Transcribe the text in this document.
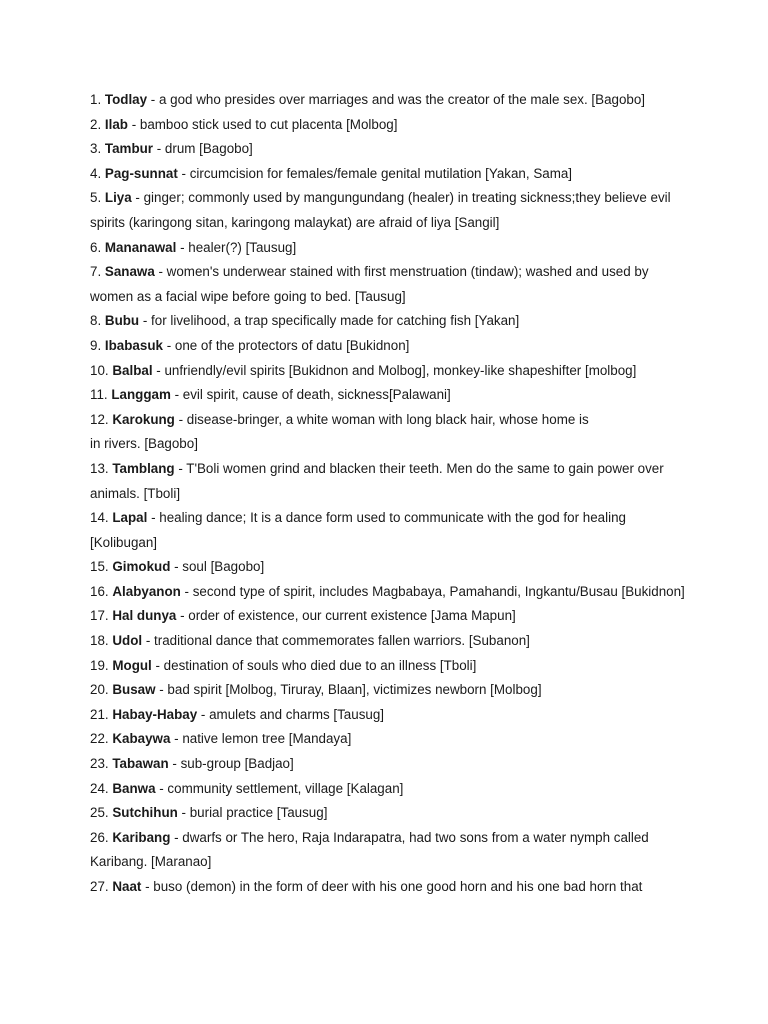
1. Todlay - a god who presides over marriages and was the creator of the male sex. [Bagobo]

2. Ilab - bamboo stick used to cut placenta [Molbog]

3. Tambur - drum [Bagobo]

4. Pag-sunnat - circumcision for females/female genital mutilation [Yakan, Sama]

5. Liya - ginger; commonly used by mangungundang (healer) in treating sickness;they believe evil spirits (karingong sitan, karingong malaykat) are afraid of liya [Sangil]

6. Mananawal - healer(?) [Tausug]

7. Sanawa - women's underwear stained with first menstruation (tindaw); washed and used by women as a facial wipe before going to bed. [Tausug]

8. Bubu - for livelihood, a trap specifically made for catching fish [Yakan]

9. Ibabasuk - one of the protectors of datu [Bukidnon]

10. Balbal - unfriendly/evil spirits [Bukidnon and Molbog], monkey-like shapeshifter [molbog]

11. Langgam - evil spirit, cause of death, sickness[Palawani]

12. Karokung - disease-bringer, a white woman with long black hair, whose home is
in rivers. [Bagobo]

13. Tamblang - T'Boli women grind and blacken their teeth. Men do the same to gain power over animals. [Tboli]

14. Lapal - healing dance; It is a dance form used to communicate with the god for healing [Kolibugan]

15. Gimokud - soul [Bagobo]

16. Alabyanon - second type of spirit, includes Magbabaya, Pamahandi, Ingkantu/Busau [Bukidnon]

17. Hal dunya - order of existence, our current existence [Jama Mapun]

18. Udol - traditional dance that commemorates fallen warriors. [Subanon]

19. Mogul - destination of souls who died due to an illness [Tboli]

20. Busaw - bad spirit [Molbog, Tiruray, Blaan], victimizes newborn [Molbog]

21. Habay-Habay - amulets and charms [Tausug]

22. Kabaywa - native lemon tree [Mandaya]

23. Tabawan - sub-group [Badjao]

24. Banwa - community settlement, village [Kalagan]

25. Sutchihun - burial practice [Tausug]

26. Karibang - dwarfs or The hero, Raja Indarapatra, had two sons from a water nymph called Karibang. [Maranao]

27. Naat - buso (demon) in the form of deer with his one good horn and his one bad horn that
